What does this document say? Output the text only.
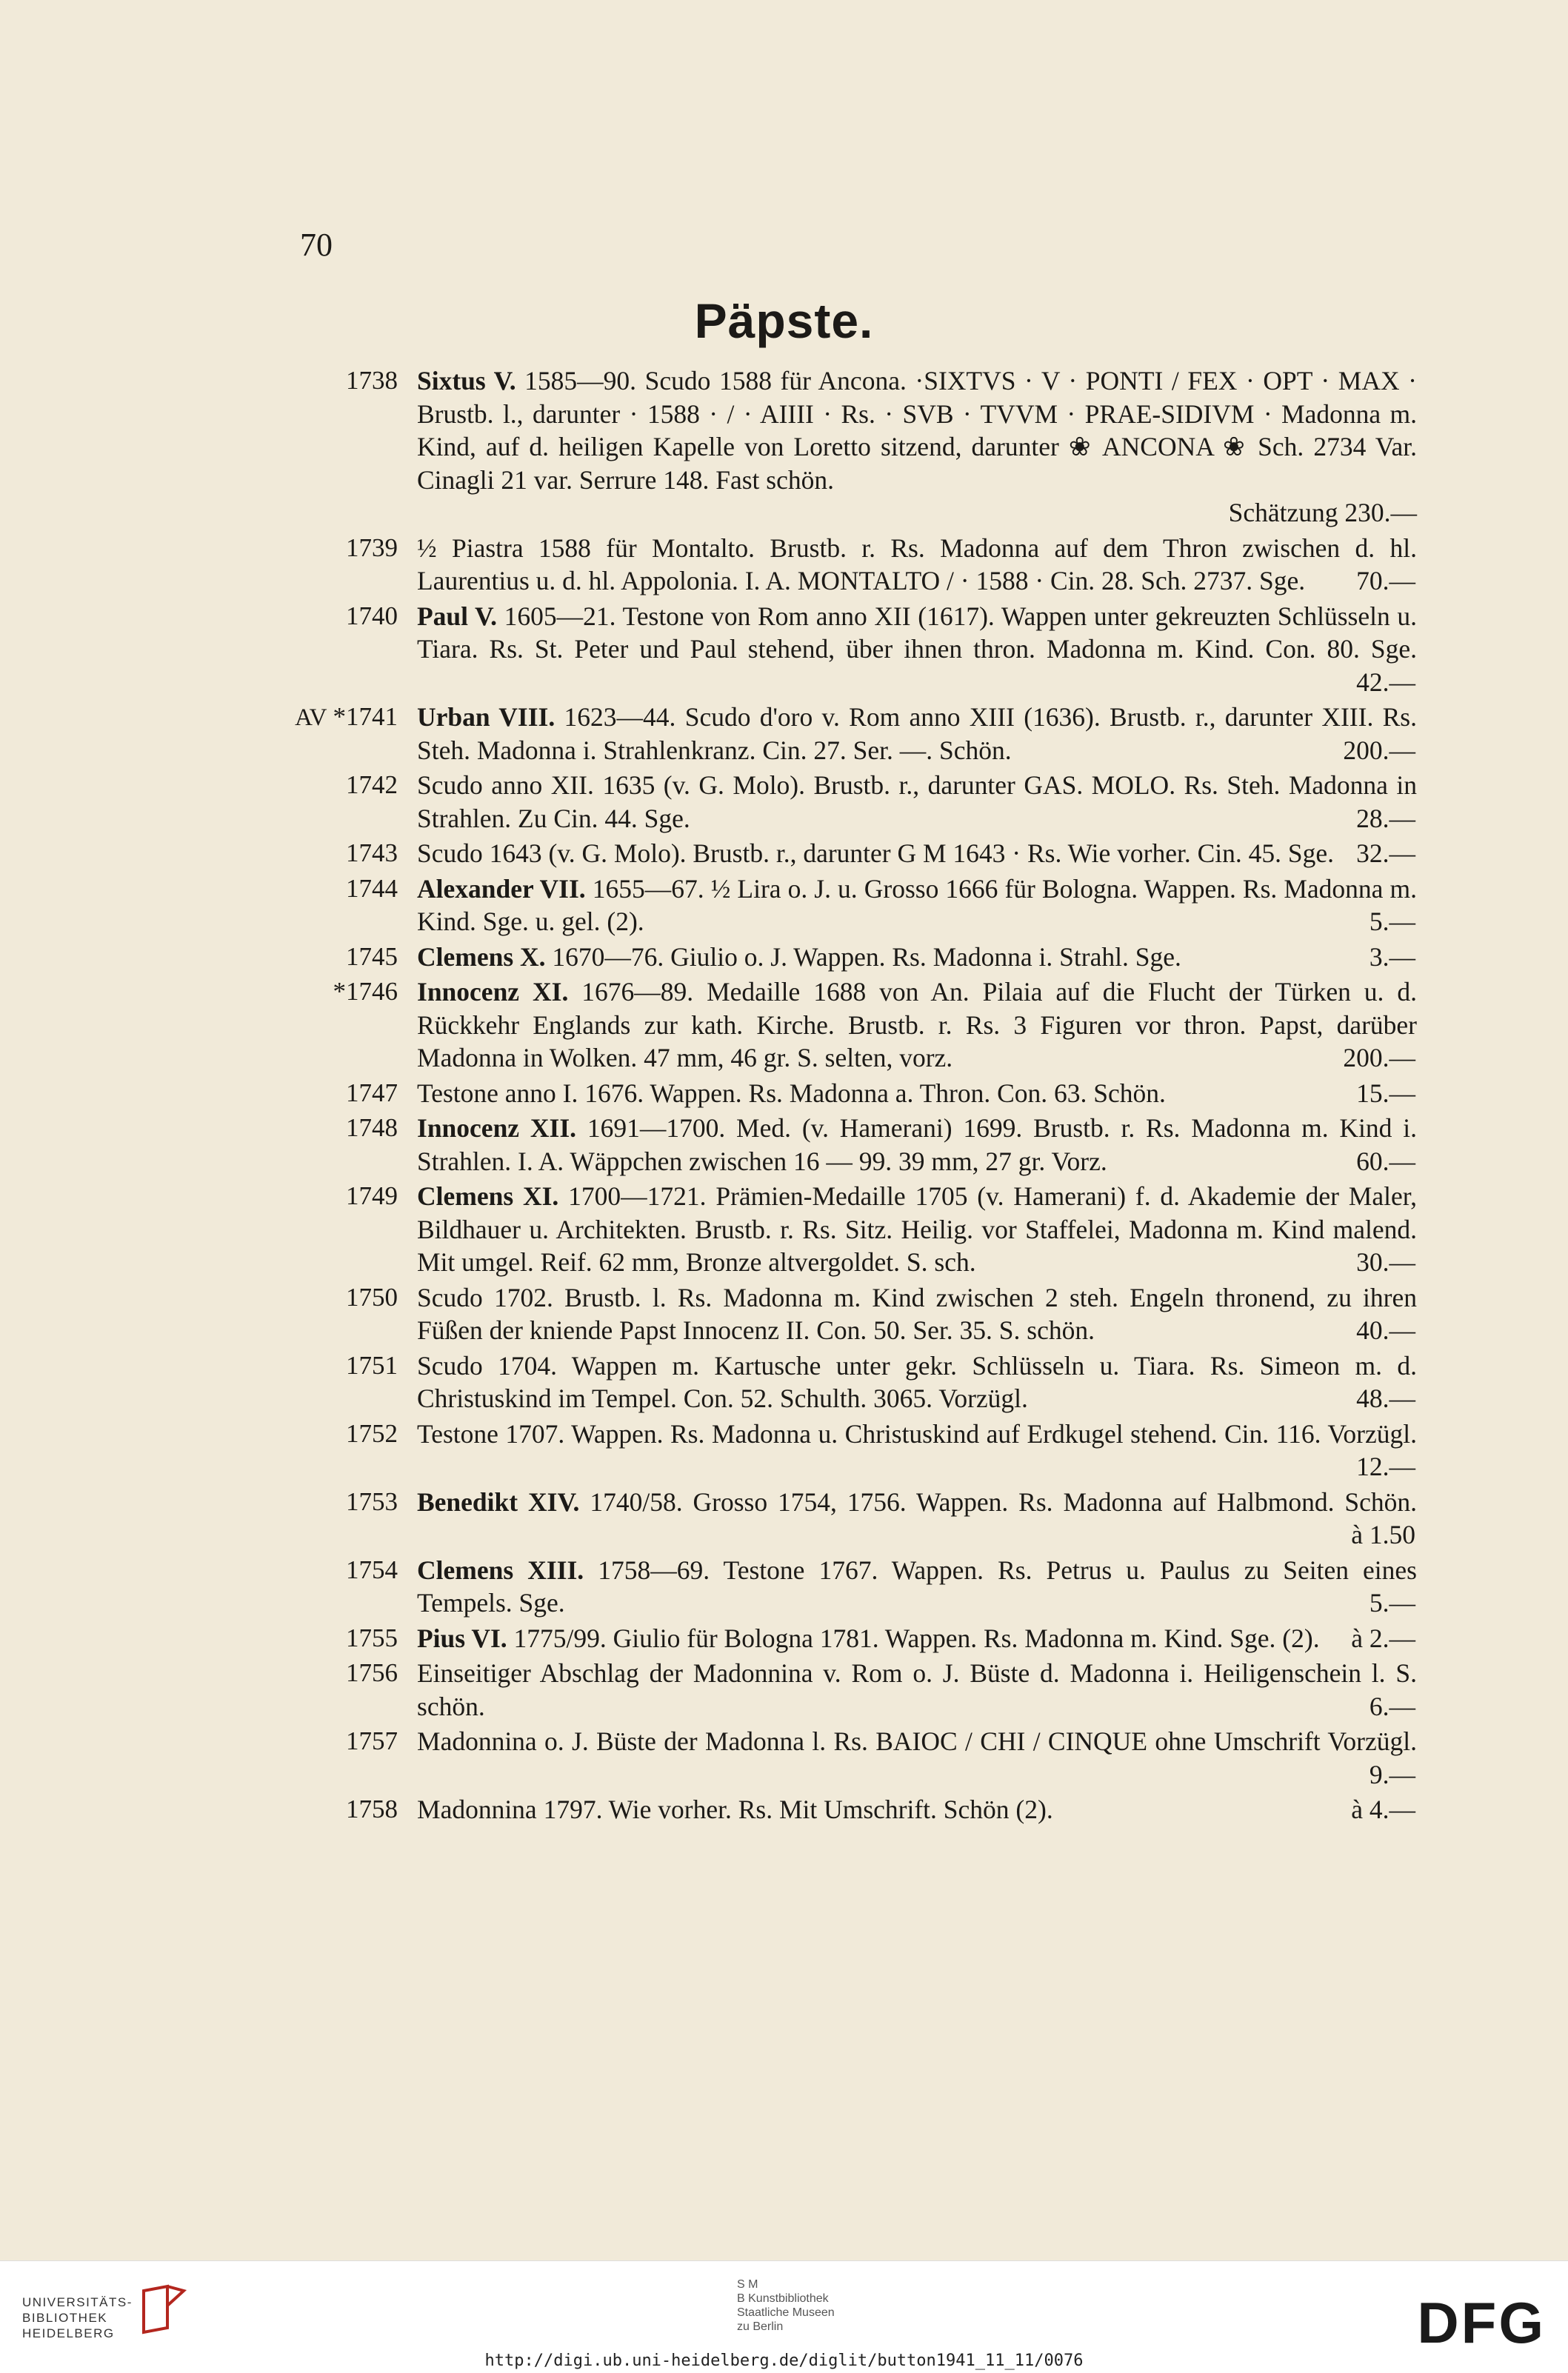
70
Päpste.
1738 Sixtus V. 1585—90. Scudo 1588 für Ancona. ·SIXTVS · V · PONTI / FEX · OPT · MAX · Brustb. l., darunter · 1588 · / · AIIII · Rs. · SVB · TVVM · PRAE-SIDIVM · Madonna m. Kind, auf d. heiligen Kapelle von Loretto sitzend, darunter ❀ ANCONA ❀ Sch. 2734 Var. Cinagli 21 var. Serrure 148. Fast schön.
Schätzung 230.—
1739 ½ Piastra 1588 für Montalto. Brustb. r. Rs. Madonna auf dem Thron zwischen d. hl. Laurentius u. d. hl. Appolonia. I. A. MONTALTO / · 1588 · Cin. 28. Sch. 2737. Sge. 70.—
1740 Paul V. 1605—21. Testone von Rom anno XII (1617). Wappen unter gekreuzten Schlüsseln u. Tiara. Rs. St. Peter und Paul stehend, über ihnen thron. Madonna m. Kind. Con. 80. Sge. 42.—
AV *1741 Urban VIII. 1623—44. Scudo d'oro v. Rom anno XIII (1636). Brustb. r., darunter XIII. Rs. Steh. Madonna i. Strahlenkranz. Cin. 27. Ser. —. Schön.	200.—
1742 Scudo anno XII. 1635 (v. G. Molo). Brustb. r., darunter GAS. MOLO. Rs. Steh. Madonna in Strahlen. Zu Cin. 44. Sge.	28.—
1743 Scudo 1643 (v. G. Molo). Brustb. r., darunter G M 1643 · Rs. Wie vorher. Cin. 45. Sge. 32.—
1744 Alexander VII. 1655—67. ½ Lira o. J. u. Grosso 1666 für Bologna. Wappen. Rs. Madonna m. Kind. Sge. u. gel. (2).	5.—
1745 Clemens X. 1670—76. Giulio o. J. Wappen. Rs. Madonna i. Strahl. Sge.	3.—
*1746 Innocenz XI. 1676—89. Medaille 1688 von An. Pilaia auf die Flucht der Türken u. d. Rückkehr Englands zur kath. Kirche. Brustb. r. Rs. 3 Figuren vor thron. Papst, darüber Madonna in Wolken. 47 mm, 46 gr. S. selten, vorz.	200.—
1747 Testone anno I. 1676. Wappen. Rs. Madonna a. Thron. Con. 63. Schön.	15.—
1748 Innocenz XII. 1691—1700. Med. (v. Hamerani) 1699. Brustb. r. Rs. Madonna m. Kind i. Strahlen. I. A. Wäppchen zwischen 16 — 99. 39 mm, 27 gr. Vorz.	60.—
1749 Clemens XI. 1700—1721. Prämien-Medaille 1705 (v. Hamerani) f. d. Akademie der Maler, Bildhauer u. Architekten. Brustb. r. Rs. Sitz. Heilig. vor Staffelei, Madonna m. Kind malend. Mit umgel. Reif. 62 mm, Bronze altvergoldet. S. sch.	30.—
1750 Scudo 1702. Brustb. l. Rs. Madonna m. Kind zwischen 2 steh. Engeln thronend, zu ihren Füßen der kniende Papst Innocenz II. Con. 50. Ser. 35. S. schön.	40.—
1751 Scudo 1704. Wappen m. Kartusche unter gekr. Schlüsseln u. Tiara. Rs. Simeon m. d. Christuskind im Tempel. Con. 52. Schulth. 3065. Vorzügl.	48.—
1752 Testone 1707. Wappen. Rs. Madonna u. Christuskind auf Erdkugel stehend. Cin. 116. Vorzügl. 12.—
1753 Benedikt XIV. 1740/58. Grosso 1754, 1756. Wappen. Rs. Madonna auf Halbmond. Schön. à 1.50
1754 Clemens XIII. 1758—69. Testone 1767. Wappen. Rs. Petrus u. Paulus zu Seiten eines Tempels. Sge.	5.—
1755 Pius VI. 1775/99. Giulio für Bologna 1781. Wappen. Rs. Madonna m. Kind. Sge. (2). à 2.—
1756 Einseitiger Abschlag der Madonnina v. Rom o. J. Büste d. Madonna i. Heiligenschein l. S. schön.	6.—
1757 Madonnina o. J. Büste der Madonna l. Rs. BAIOC / CHI / CINQUE ohne Umschrift Vorzügl. 9.—
1758 Madonnina 1797. Wie vorher. Rs. Mit Umschrift. Schön (2).	à 4.—
UNIVERSITÄTS-
BIBLIOTHEK
HEIDELBERG
S M
B Kunstbibliothek
Staatliche Museen
zu Berlin	DFG
http://digi.ub.uni-heidelberg.de/diglit/button1941_11_11/0076
